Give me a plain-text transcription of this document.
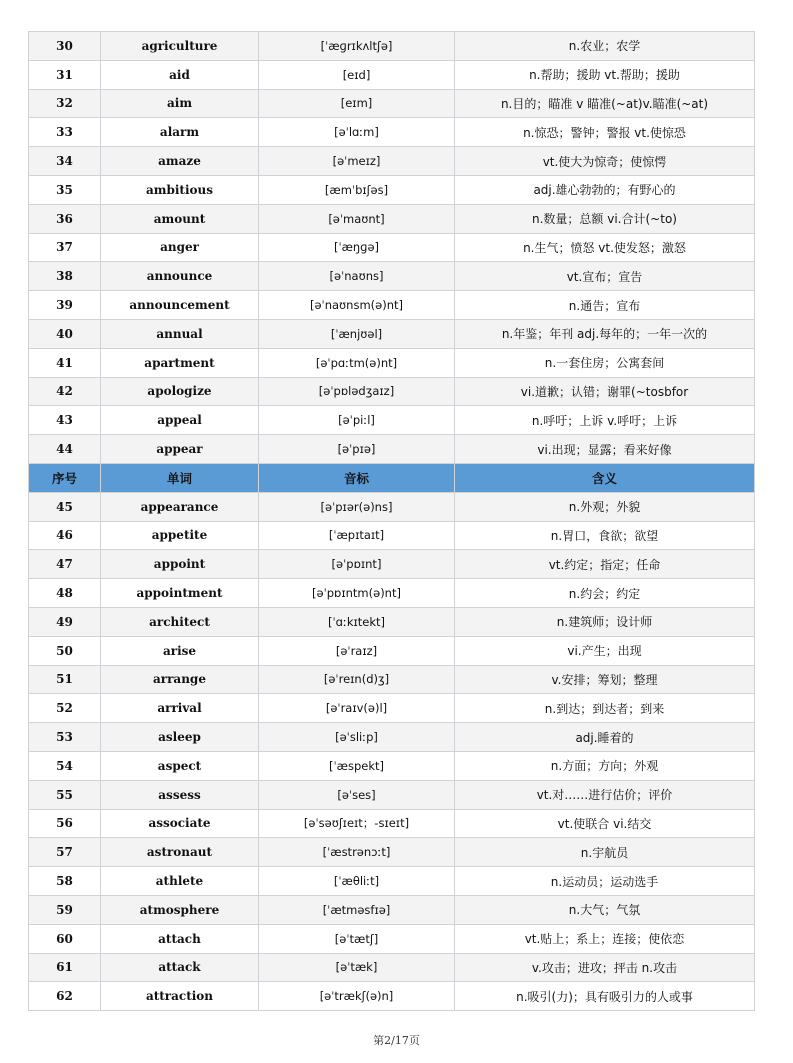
30	agriculture	[ˈæɡrɪkʌltʃə]	n.农业；农学
31	aid	[eɪd]	n.帮助；援助 vt.帮助；援助
32	aim	[eɪm]	n.目的；瞄准 v 瞄准(~at)v.瞄准(~at)
33	alarm	[əˈlɑːm]	n.惊恐；警钟；警报 vt.使惊恐
34	amaze	[əˈmeɪz]	vt.使大为惊奇；使惊愕
35	ambitious	[æmˈbɪʃəs]	adj.雄心勃勃的；有野心的
36	amount	[əˈmaʊnt]	n.数量；总额 vi.合计(~to)
37	anger	[ˈæŋɡə]	n.生气；愤怒 vt.使发怒；激怒
38	announce	[əˈnaʊns]	vt.宣布；宣告
39	announcement	[əˈnaʊnsm(ə)nt]	n.通告；宣布
40	annual	[ˈænjʊəl]	n.年鉴；年刊 adj.每年的；一年一次的
41	apartment	[əˈpɑːtm(ə)nt]	n.一套住房；公寓套间
42	apologize	[əˈpɒlədʒaɪz]	vi.道歉；认错；谢罪(~tosbfor
43	appeal	[əˈpiːl]	n.呼吁；上诉 v.呼吁；上诉
44	appear	[əˈpɪə]	vi.出现；显露；看来好像
序号	单词	音标	含义
45	appearance	[əˈpɪər(ə)ns]	n.外观；外貌
46	appetite	[ˈæpɪtaɪt]	n.胃口，食欲；欲望
47	appoint	[əˈpɒɪnt]	vt.约定；指定；任命
48	appointment	[əˈpɒɪntm(ə)nt]	n.约会；约定
49	architect	[ˈɑːkɪtekt]	n.建筑师；设计师
50	arise	[əˈraɪz]	vi.产生；出现
51	arrange	[əˈreɪn(d)ʒ]	v.安排；筹划；整理
52	arrival	[əˈraɪv(ə)l]	n.到达；到达者；到来
53	asleep	[əˈsliːp]	adj.睡着的
54	aspect	[ˈæspekt]	n.方面；方向；外观
55	assess	[əˈses]	vt.对……进行估价；评价
56	associate	[əˈsəʊʃɪeɪt；-sɪeɪt]	vt.使联合 vi.结交
57	astronaut	[ˈæstrənɔːt]	n.宇航员
58	athlete	[ˈæθliːt]	n.运动员；运动选手
59	atmosphere	[ˈætməsfɪə]	n.大气；气氛
60	attach	[əˈtætʃ]	vt.贴上；系上；连接；使依恋
61	attack	[əˈtæk]	v.攻击；进攻；抨击 n.攻击
62	attraction	[əˈtrækʃ(ə)n]	n.吸引(力)；具有吸引力的人或事
第2/17页
